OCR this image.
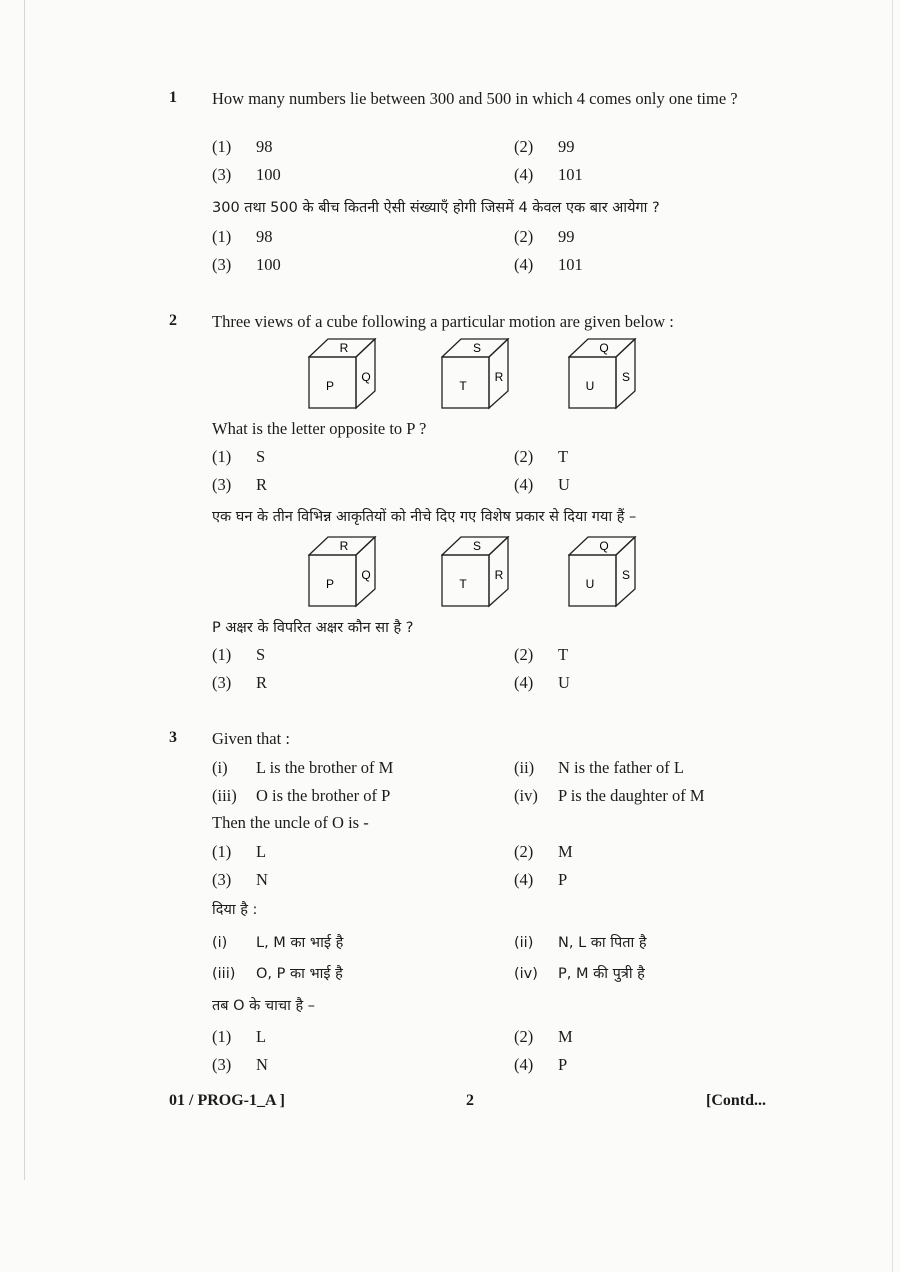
1 How many numbers lie between 300 and 500 in which 4 comes only one time ?
(1) 98	(2) 99
(3) 100	(4) 101
300 तथा 500 के बीच कितनी ऐसी संख्याएँ होगी जिसमें 4 केवल एक बार आयेगा ?
(1) 98	(2) 99
(3) 100	(4) 101
2 Three views of a cube following a particular motion are given below :
R
P
Q
S
T
R
Q
U
S
What is the letter opposite to P ?
(1) S	(2) T
(3) R	(4) U
एक घन के तीन विभिन्न आकृतियों को नीचे दिए गए विशेष प्रकार से दिया गया हैं –
R
P
Q
S
T
R
Q
U
S
P अक्षर के विपरित अक्षर कौन सा है ?
(1) S	(2) T
(3) R	(4) U
3 Given that :
(i) L is the brother of M	(ii) N is the father of L
(iii) O is the brother of P	(iv) P is the daughter of M
Then the uncle of O is -
(1) L	(2) M
(3) N	(4) P
दिया है :
(i) L, M का भाई है	(ii) N, L का पिता है
(iii) O, P का भाई है	(iv) P, M की पुत्री है
तब O के चाचा है –
(1) L	(2) M
(3) N	(4) P
01 / PROG-1_A ]	2	[Contd...
